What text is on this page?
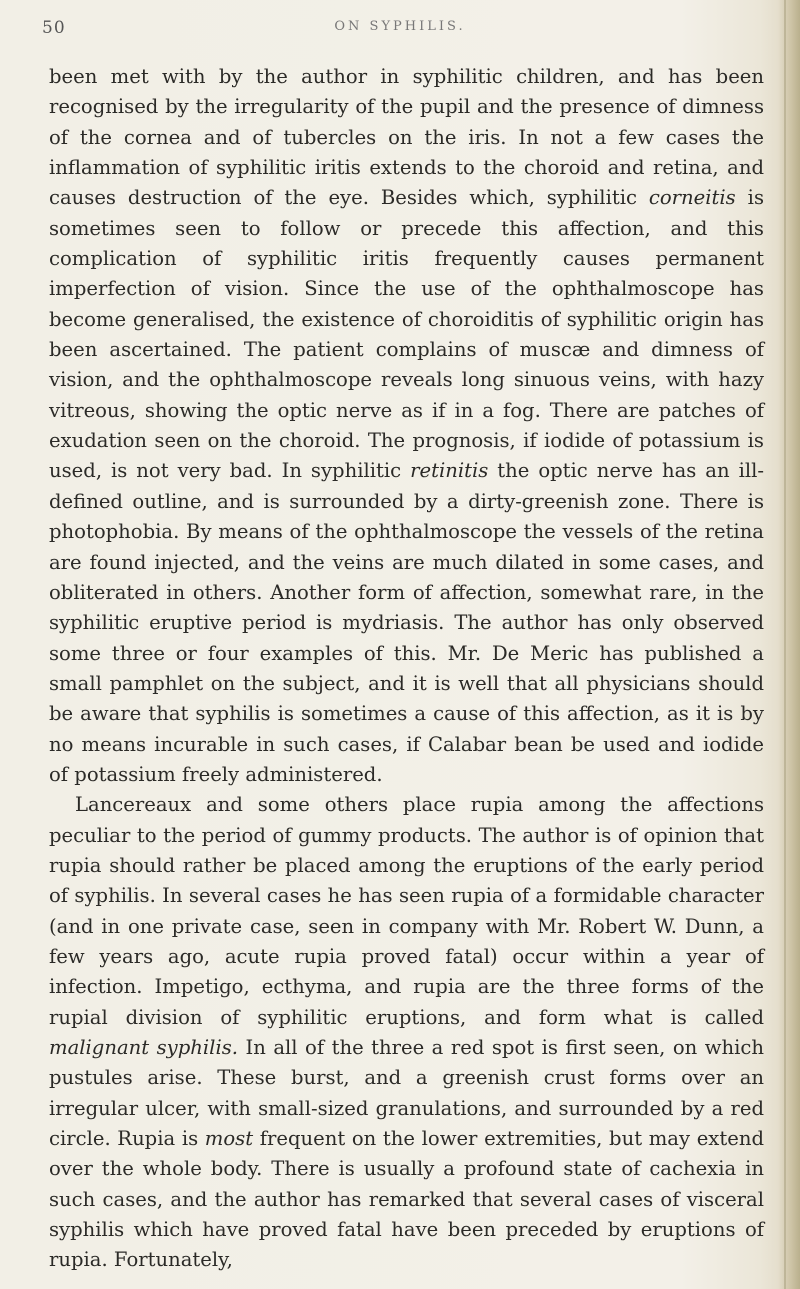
50	ON SYPHILIS.

been met with by the author in syphilitic children, and has been recognised by the irregularity of the pupil and the presence of dimness of the cornea and of tubercles on the iris. In not a few cases the inflammation of syphilitic iritis extends to the choroid and retina, and causes destruction of the eye. Besides which, syphilitic corneitis is sometimes seen to follow or precede this affection, and this complication of syphilitic iritis frequently causes permanent imperfection of vision. Since the use of the ophthalmoscope has become generalised, the existence of choroiditis of syphilitic origin has been ascertained. The patient complains of muscæ and dimness of vision, and the ophthalmoscope reveals long sinuous veins, with hazy vitreous, showing the optic nerve as if in a fog. There are patches of exudation seen on the choroid. The prognosis, if iodide of potassium is used, is not very bad. In syphilitic retinitis the optic nerve has an ill-defined outline, and is surrounded by a dirty-greenish zone. There is photophobia. By means of the ophthalmoscope the vessels of the retina are found injected, and the veins are much dilated in some cases, and obliterated in others. Another form of affection, somewhat rare, in the syphilitic eruptive period is mydriasis. The author has only observed some three or four examples of this. Mr. De Meric has published a small pamphlet on the subject, and it is well that all physicians should be aware that syphilis is sometimes a cause of this affection, as it is by no means incurable in such cases, if Calabar bean be used and iodide of potassium freely administered.

Lancereaux and some others place rupia among the affections peculiar to the period of gummy products. The author is of opinion that rupia should rather be placed among the eruptions of the early period of syphilis. In several cases he has seen rupia of a formidable character (and in one private case, seen in company with Mr. Robert W. Dunn, a few years ago, acute rupia proved fatal) occur within a year of infection. Impetigo, ecthyma, and rupia are the three forms of the rupial division of syphilitic eruptions, and form what is called malignant syphilis. In all of the three a red spot is first seen, on which pustules arise. These burst, and a greenish crust forms over an irregular ulcer, with small-sized granulations, and surrounded by a red circle. Rupia is most frequent on the lower extremities, but may extend over the whole body. There is usually a profound state of cachexia in such cases, and the author has remarked that several cases of visceral syphilis which have proved fatal have been preceded by eruptions of rupia. Fortunately,
